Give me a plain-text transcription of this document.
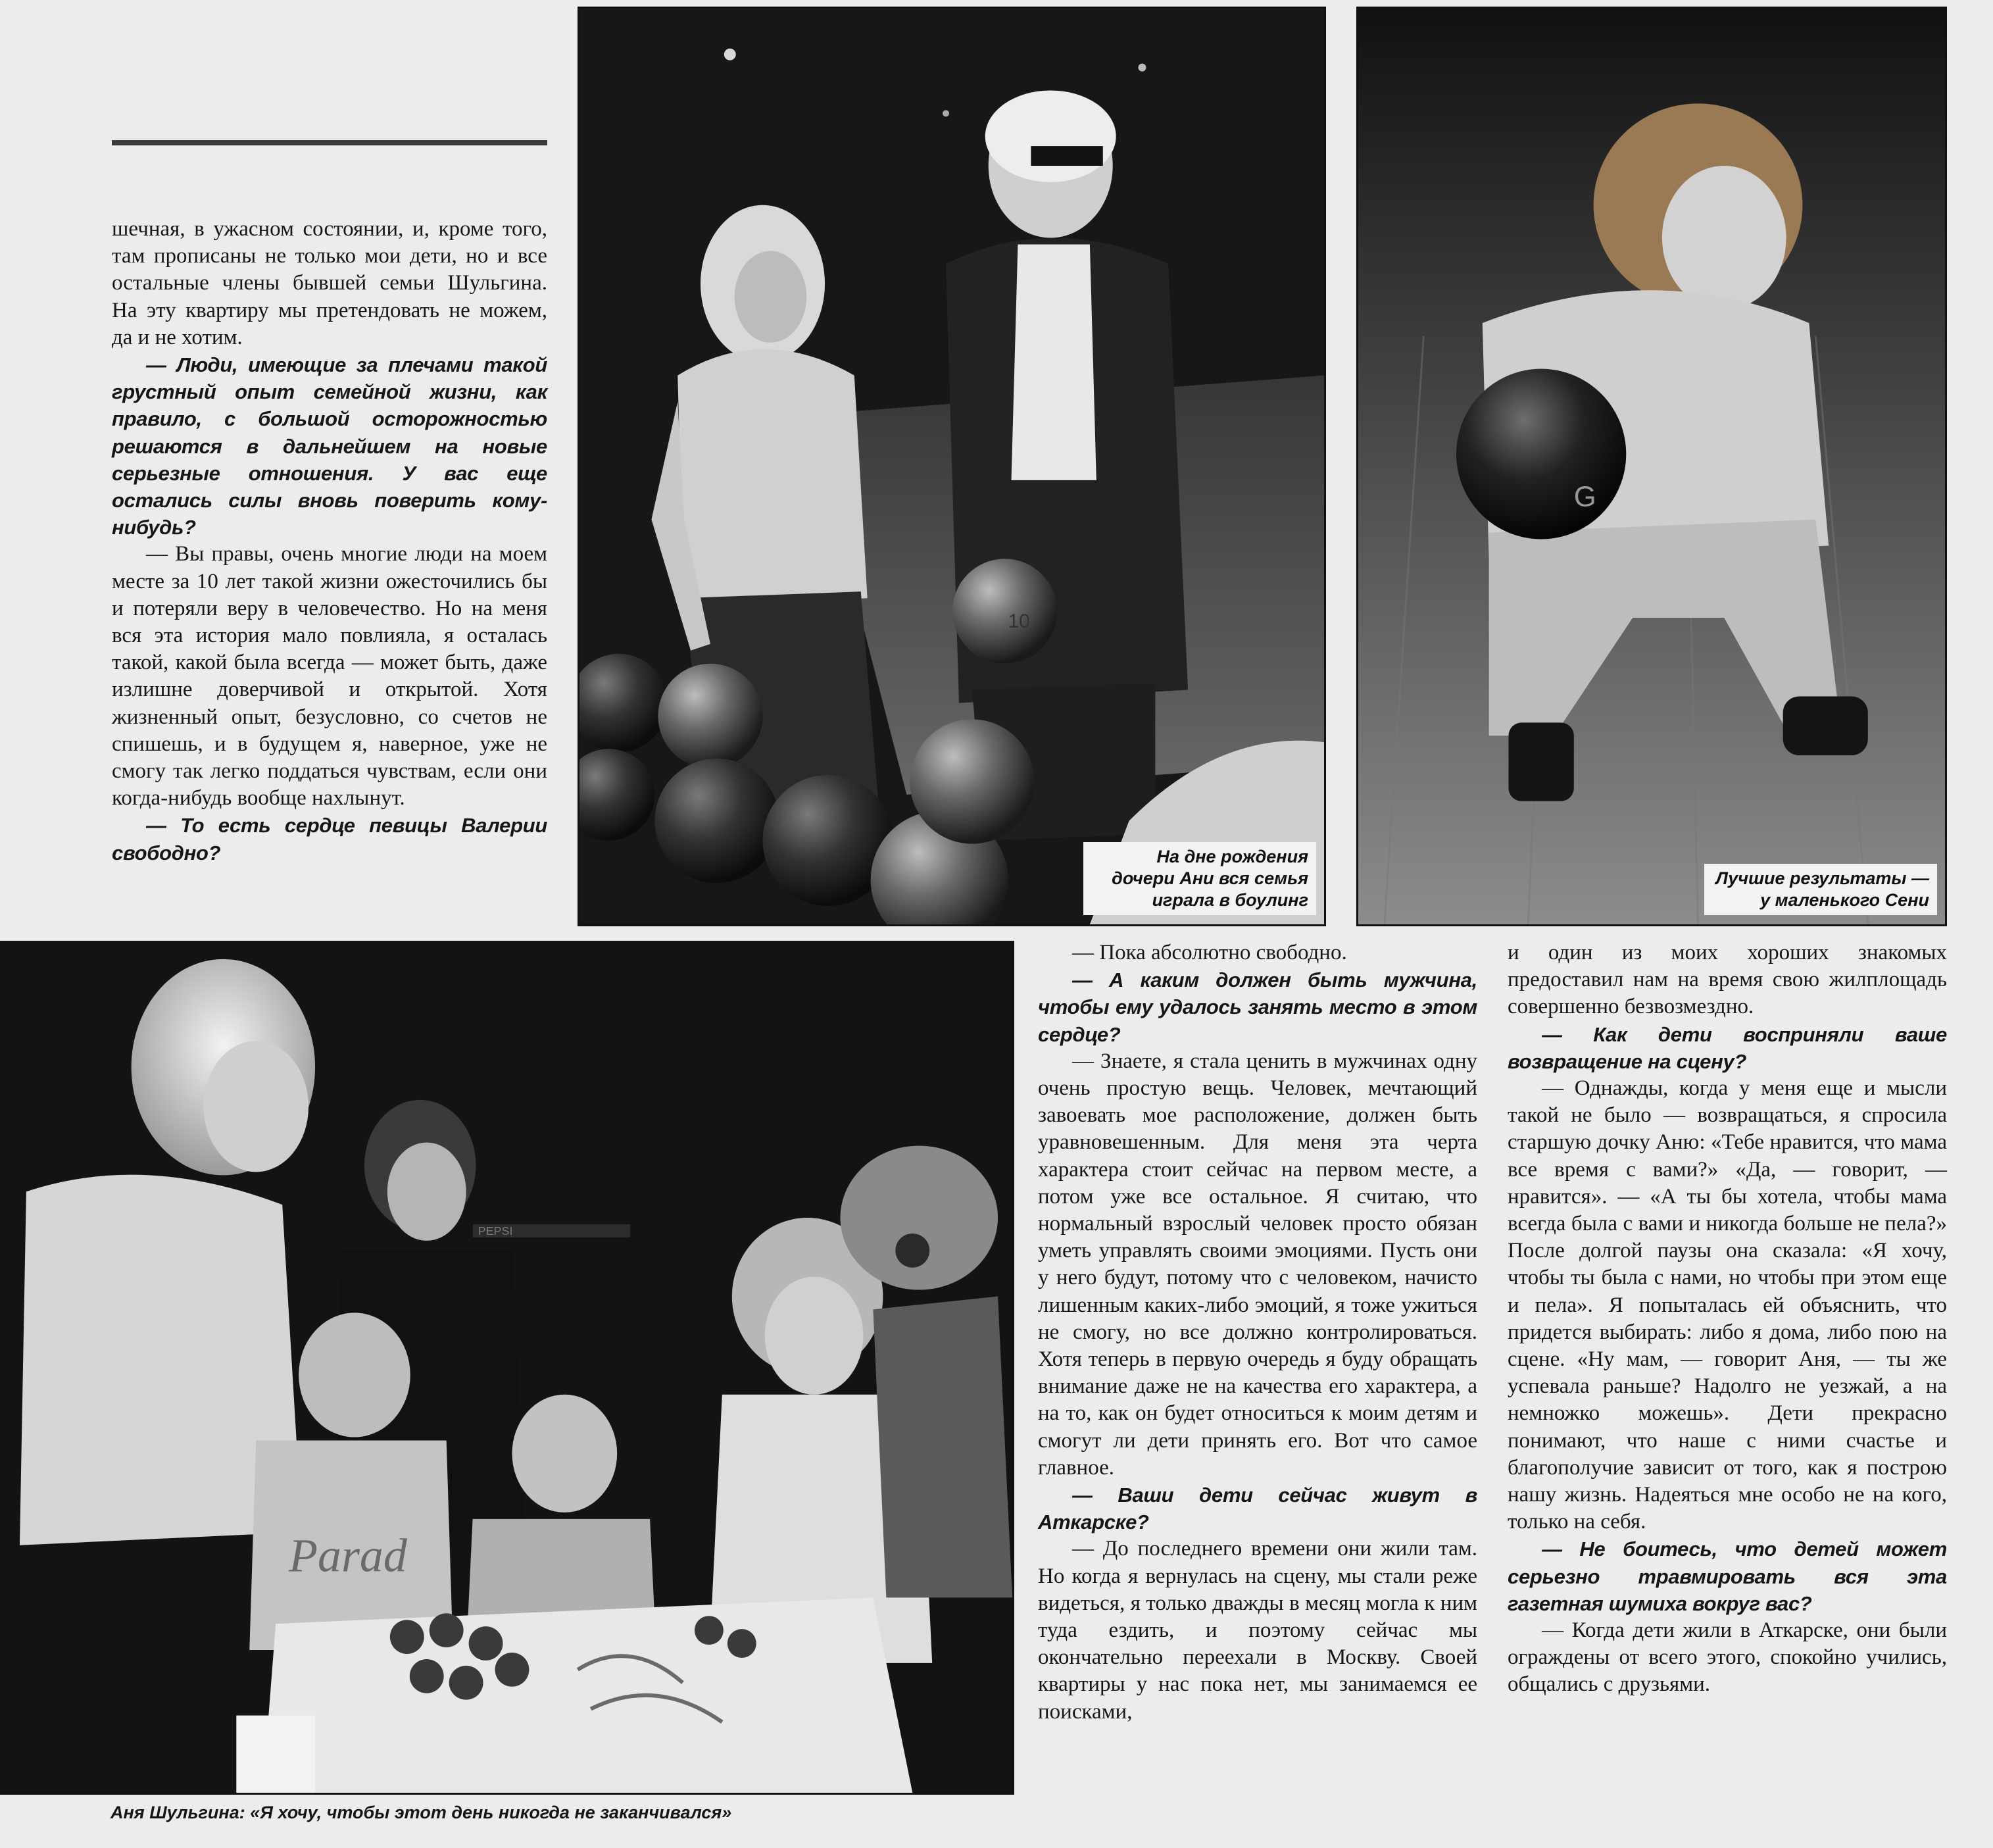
шечная, в ужасном состоянии, и, кроме того, там прописаны не только мои дети, но и все остальные члены бывшей семьи Шульгина. На эту квартиру мы претендовать не можем, да и не хотим.

— Люди, имеющие за плечами такой грустный опыт семейной жизни, как правило, с большой осторожностью решаются в дальнейшем на новые серьезные отношения. У вас еще остались силы вновь поверить кому-нибудь?

— Вы правы, очень многие люди на моем месте за 10 лет такой жизни ожесточились бы и потеряли веру в человечество. Но на меня вся эта история мало повлияла, я осталась такой, какой была всегда — может быть, даже излишне доверчивой и открытой. Хотя жизненный опыт, безусловно, со счетов не спишешь, и в будущем я, наверное, уже не смогу так легко поддаться чувствам, если они когда-нибудь вообще нахлынут.

— То есть сердце певицы Валерии свободно?

10
На дне рождения дочери Ани вся семья играла в боулинг
G
Лучшие результаты — у маленького Сени
PEPSI
Parad

— Пока абсолютно свободно.

— А каким должен быть мужчина, чтобы ему удалось занять место в этом сердце?

— Знаете, я стала ценить в мужчинах одну очень простую вещь. Человек, мечтающий завоевать мое расположение, должен быть уравновешенным. Для меня эта черта характера стоит сейчас на первом месте, а потом уже все остальное. Я считаю, что нормальный взрослый человек просто обязан уметь управлять своими эмоциями. Пусть они у него будут, потому что с человеком, начисто лишенным каких-либо эмоций, я тоже ужиться не смогу, но все должно контролироваться. Хотя теперь в первую очередь я буду обращать внимание даже не на качества его характера, а на то, как он будет относиться к моим детям и смогут ли дети принять его. Вот что самое главное.

— Ваши дети сейчас живут в Аткарске?

— До последнего времени они жили там. Но когда я вернулась на сцену, мы стали реже видеться, я только дважды в месяц могла к ним туда ездить, и поэтому сейчас мы окончательно переехали в Москву. Своей квартиры у нас пока нет, мы занимаемся ее поисками,

и один из моих хороших знакомых предоставил нам на время свою жилплощадь совершенно безвозмездно.

— Как дети восприняли ваше возвращение на сцену?

— Однажды, когда у меня еще и мысли такой не было — возвращаться, я спросила старшую дочку Аню: «Тебе нравится, что мама все время с вами?» «Да, — говорит, — нравится». — «А ты бы хотела, чтобы мама всегда была с вами и никогда больше не пела?» После долгой паузы она сказала: «Я хочу, чтобы ты была с нами, но чтобы при этом еще и пела». Я попыталась ей объяснить, что придется выбирать: либо я дома, либо пою на сцене. «Ну мам, — говорит Аня, — ты же успевала раньше? Надолго не уезжай, а на немножко можешь». Дети прекрасно понимают, что наше с ними счастье и благополучие зависит от того, как я построю нашу жизнь. Надеяться мне особо не на кого, только на себя.

— Не боитесь, что детей может серьезно травмировать вся эта газетная шумиха вокруг вас?

— Когда дети жили в Аткарске, они были ограждены от всего этого, спокойно учились, общались с друзьями.

Аня Шульгина: «Я хочу, чтобы этот день никогда не заканчивался»
